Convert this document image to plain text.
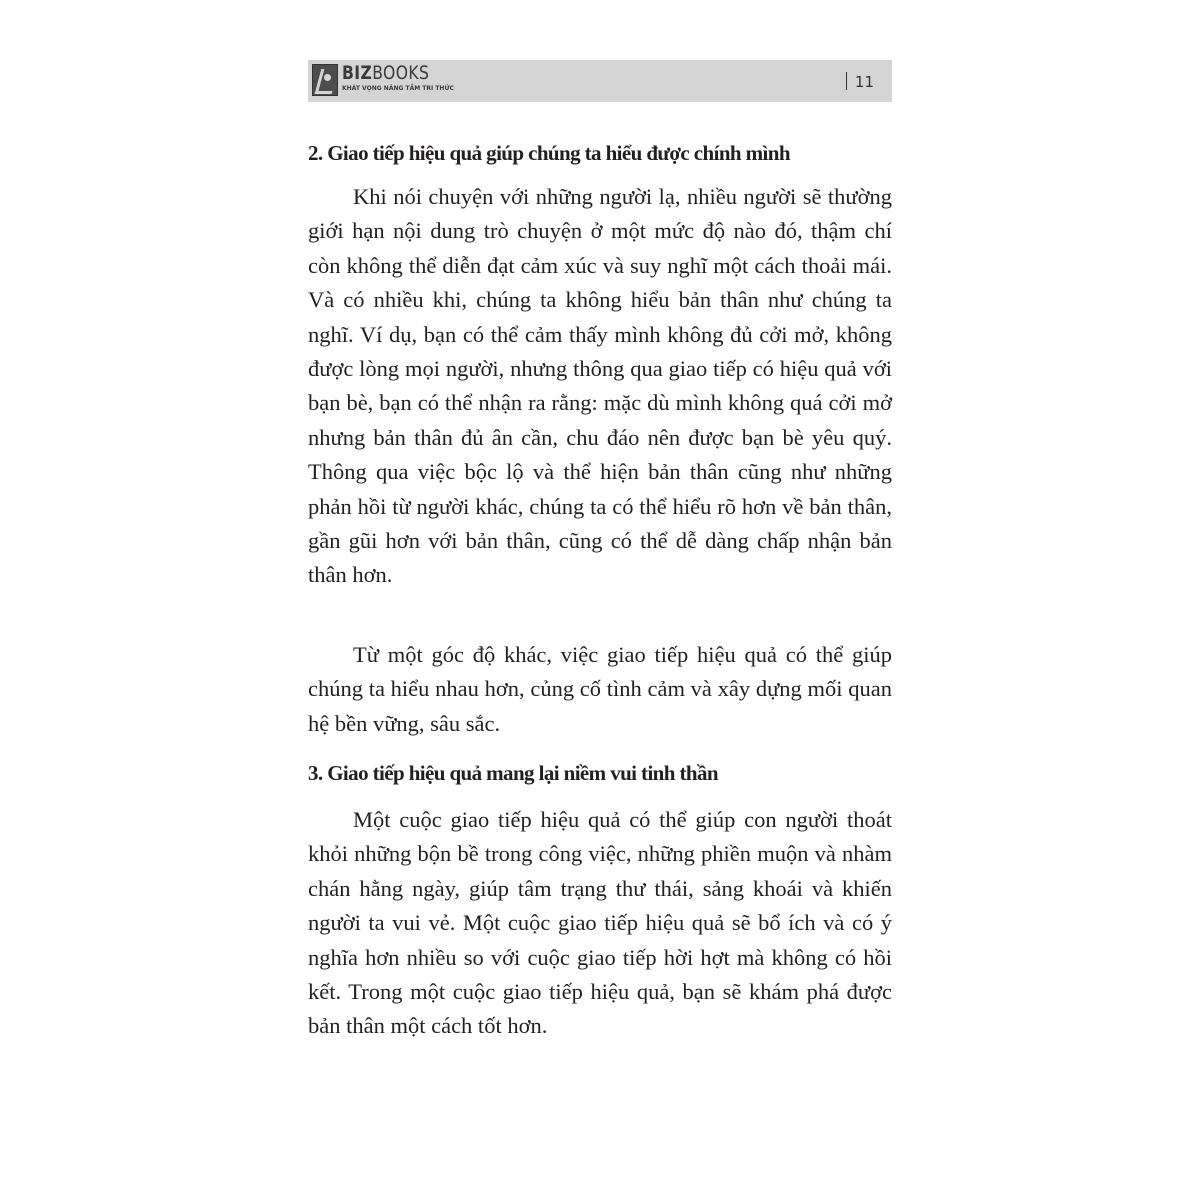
BIZBOOKS
KHÁT VỌNG NÂNG TẦM TRI THỨC	11
2. Giao tiếp hiệu quả giúp chúng ta hiểu được chính mình

Khi nói chuyện với những người lạ, nhiều người sẽ thường giới hạn nội dung trò chuyện ở một mức độ nào đó, thậm chí còn không thể diễn đạt cảm xúc và suy nghĩ một cách thoải mái. Và có nhiều khi, chúng ta không hiểu bản thân như chúng ta nghĩ. Ví dụ, bạn có thể cảm thấy mình không đủ cởi mở, không được lòng mọi người, nhưng thông qua giao tiếp có hiệu quả với bạn bè, bạn có thể nhận ra rằng: mặc dù mình không quá cởi mở nhưng bản thân đủ ân cần, chu đáo nên được bạn bè yêu quý. Thông qua việc bộc lộ và thể hiện bản thân cũng như những phản hồi từ người khác, chúng ta có thể hiểu rõ hơn về bản thân, gần gũi hơn với bản thân, cũng có thể dễ dàng chấp nhận bản thân hơn.

Từ một góc độ khác, việc giao tiếp hiệu quả có thể giúp chúng ta hiểu nhau hơn, củng cố tình cảm và xây dựng mối quan hệ bền vững, sâu sắc.

3. Giao tiếp hiệu quả mang lại niềm vui tinh thần

Một cuộc giao tiếp hiệu quả có thể giúp con người thoát khỏi những bộn bề trong công việc, những phiền muộn và nhàm chán hằng ngày, giúp tâm trạng thư thái, sảng khoái và khiến người ta vui vẻ. Một cuộc giao tiếp hiệu quả sẽ bổ ích và có ý nghĩa hơn nhiều so với cuộc giao tiếp hời hợt mà không có hồi kết. Trong một cuộc giao tiếp hiệu quả, bạn sẽ khám phá được bản thân một cách tốt hơn.
